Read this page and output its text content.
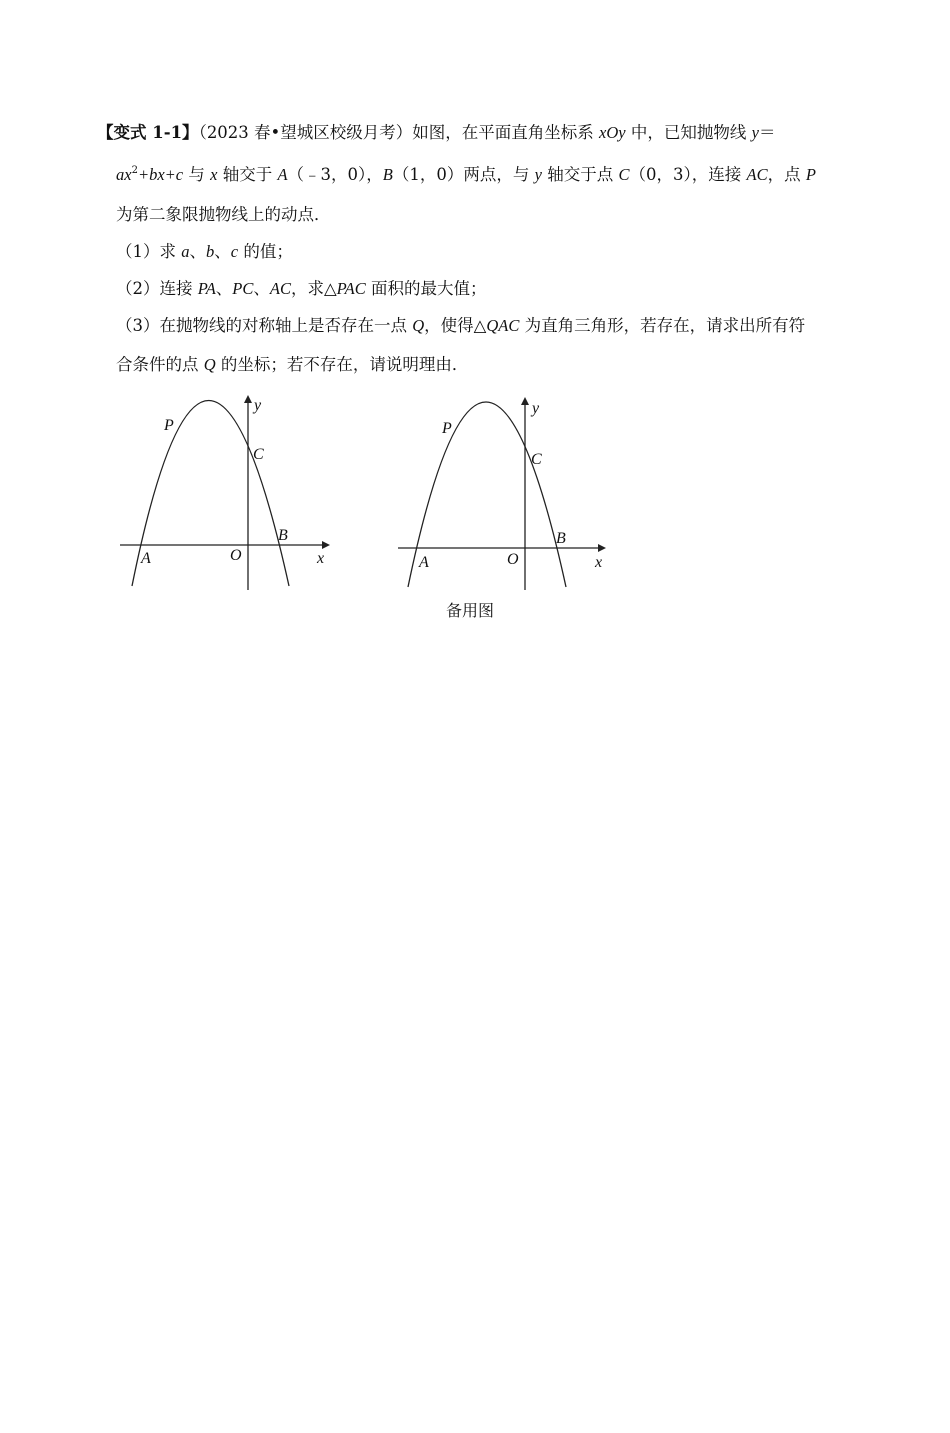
【变式 1-1】（2023 春•望城区校级月考）如图，在平面直角坐标系 xOy 中，已知抛物线 y＝
$ax^2+bx+c$ 与 x 轴交于 A（﹣3，0），B（1，0）两点，与 y 轴交于点 C（0，3），连接 AC，点 P
为第二象限抛物线上的动点．
（1）求 a、b、c 的值；
（2）连接 PA、PC、AC，求△PAC 面积的最大值；
（3）在抛物线的对称轴上是否存在一点 Q，使得△QAC 为直角三角形，若存在，请求出所有符
合条件的点 Q 的坐标；若不存在，请说明理由．
P
y
C
B
A	O	x
P
y
C
B
A	O	x
备用图
